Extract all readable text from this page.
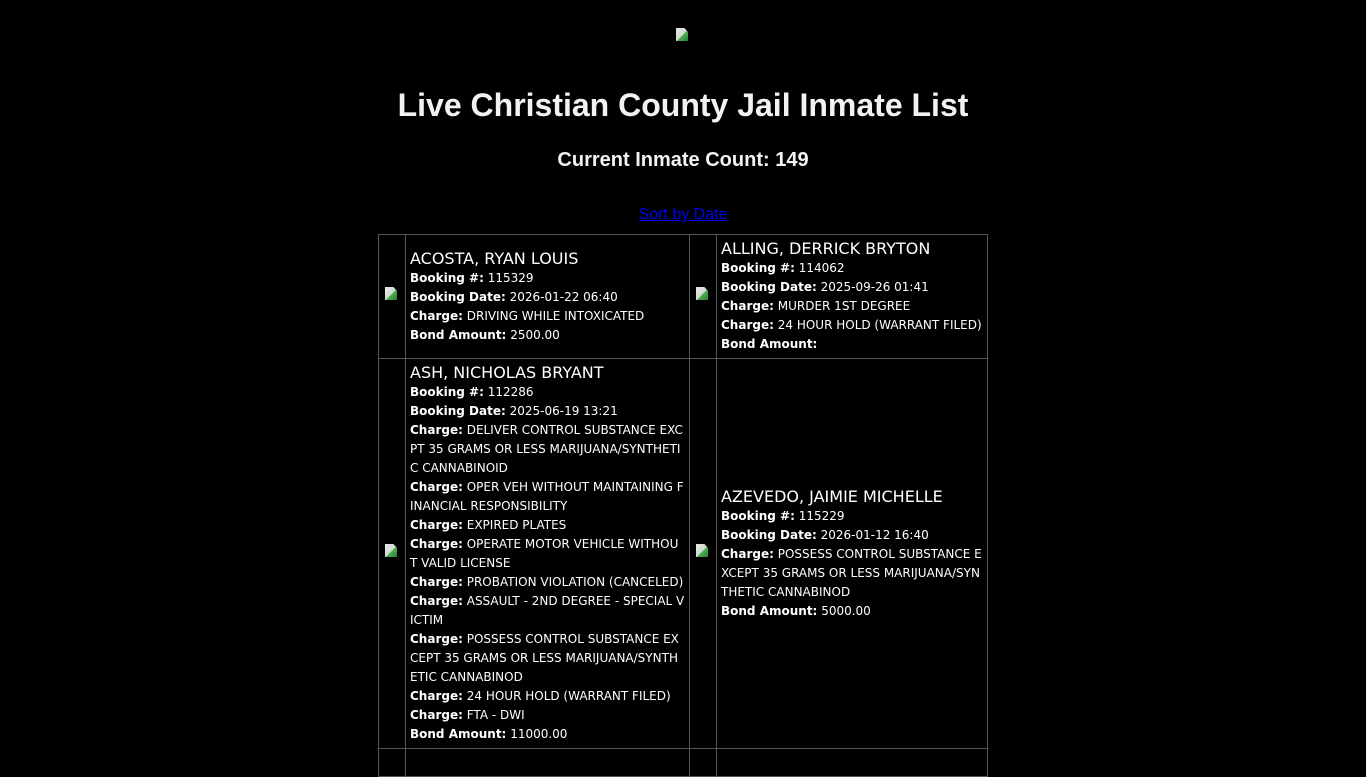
Live Christian County Jail Inmate List
Current Inmate Count: 149
Sort by Date

ACOSTA, RYAN LOUIS
Booking #: 115329
Booking Date: 2026-01-22 06:40
Charge: DRIVING WHILE INTOXICATED
Bond Amount: 2500.00

ALLING, DERRICK BRYTON
Booking #: 114062
Booking Date: 2025-09-26 01:41
Charge: MURDER 1ST DEGREE
Charge: 24 HOUR HOLD (WARRANT FILED)
Bond Amount:

ASH, NICHOLAS BRYANT
Booking #: 112286
Booking Date: 2025-06-19 13:21
Charge: DELIVER CONTROL SUBSTANCE EXCPT 35 GRAMS OR LESS MARIJUANA/SYNTHETIC CANNABINOID
Charge: OPER VEH WITHOUT MAINTAINING FINANCIAL RESPONSIBILITY
Charge: EXPIRED PLATES
Charge: OPERATE MOTOR VEHICLE WITHOUT VALID LICENSE
Charge: PROBATION VIOLATION (CANCELED)
Charge: ASSAULT - 2ND DEGREE - SPECIAL VICTIM
Charge: POSSESS CONTROL SUBSTANCE EXCEPT 35 GRAMS OR LESS MARIJUANA/SYNTHETIC CANNABINOD
Charge: 24 HOUR HOLD (WARRANT FILED)
Charge: FTA - DWI
Bond Amount: 11000.00

AZEVEDO, JAIMIE MICHELLE
Booking #: 115229
Booking Date: 2026-01-12 16:40
Charge: POSSESS CONTROL SUBSTANCE EXCEPT 35 GRAMS OR LESS MARIJUANA/SYNTHETIC CANNABINOD
Bond Amount: 5000.00
